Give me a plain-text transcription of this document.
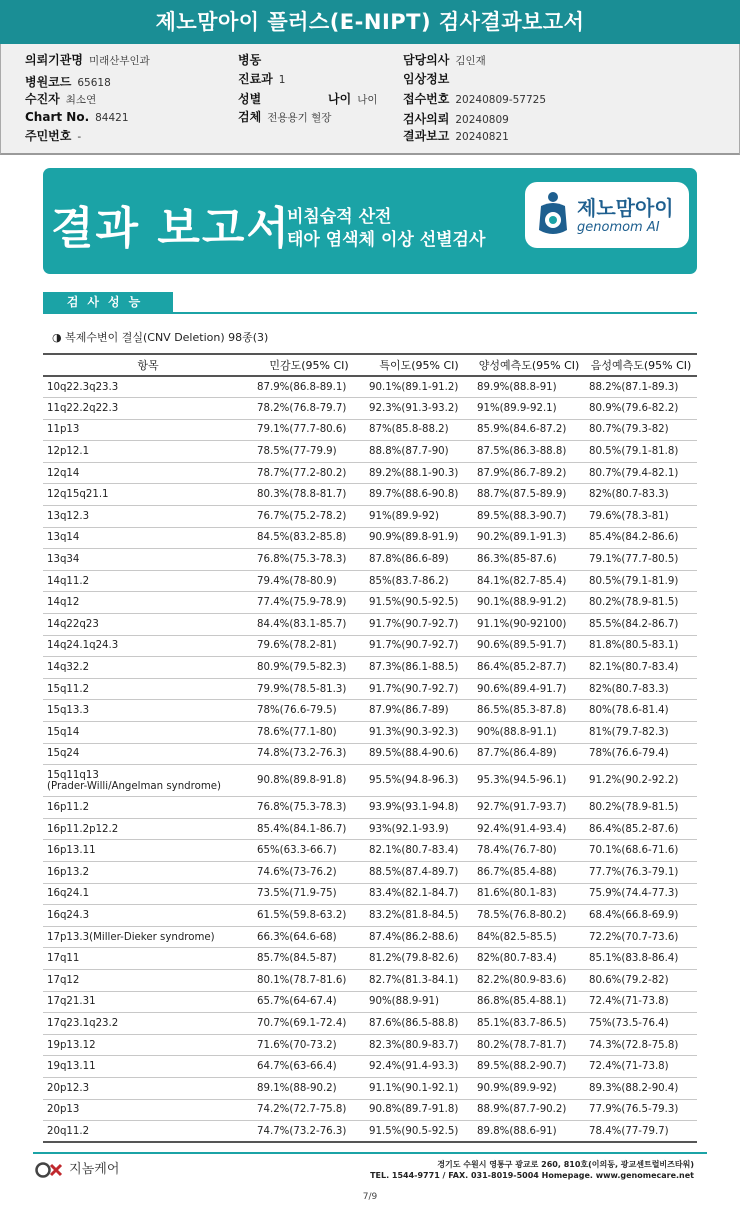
제노맘아이 플러스(E-NIPT) 검사결과보고서
의뢰기관명 미래산부인과
병원코드 65618
수진자 최소연
Chart No. 84421
주민번호 -
병동
진료과 1
성별	나이 나이
검체 전용용기 혈장
담당의사 김인재
임상정보
접수번호 20240809-57725
검사의뢰 20240809
결과보고 20240821
결과 보고서
비침습적 산전
태아 염색체 이상 선별검사
제노맘아이
genomom AI
검사성능
◑ 복제수변이 결실(CNV Deletion) 98종(3)
항목	민감도(95% CI)	특이도(95% CI)	양성예측도(95% CI)	음성예측도(95% CI)
10q22.3q23.3	87.9%(86.8-89.1)	90.1%(89.1-91.2)	89.9%(88.8-91)	88.2%(87.1-89.3)
11q22.2q22.3	78.2%(76.8-79.7)	92.3%(91.3-93.2)	91%(89.9-92.1)	80.9%(79.6-82.2)
11p13	79.1%(77.7-80.6)	87%(85.8-88.2)	85.9%(84.6-87.2)	80.7%(79.3-82)
12p12.1	78.5%(77-79.9)	88.8%(87.7-90)	87.5%(86.3-88.8)	80.5%(79.1-81.8)
12q14	78.7%(77.2-80.2)	89.2%(88.1-90.3)	87.9%(86.7-89.2)	80.7%(79.4-82.1)
12q15q21.1	80.3%(78.8-81.7)	89.7%(88.6-90.8)	88.7%(87.5-89.9)	82%(80.7-83.3)
13q12.3	76.7%(75.2-78.2)	91%(89.9-92)	89.5%(88.3-90.7)	79.6%(78.3-81)
13q14	84.5%(83.2-85.8)	90.9%(89.8-91.9)	90.2%(89.1-91.3)	85.4%(84.2-86.6)
13q34	76.8%(75.3-78.3)	87.8%(86.6-89)	86.3%(85-87.6)	79.1%(77.7-80.5)
14q11.2	79.4%(78-80.9)	85%(83.7-86.2)	84.1%(82.7-85.4)	80.5%(79.1-81.9)
14q12	77.4%(75.9-78.9)	91.5%(90.5-92.5)	90.1%(88.9-91.2)	80.2%(78.9-81.5)
14q22q23	84.4%(83.1-85.7)	91.7%(90.7-92.7)	91.1%(90-92100)	85.5%(84.2-86.7)
14q24.1q24.3	79.6%(78.2-81)	91.7%(90.7-92.7)	90.6%(89.5-91.7)	81.8%(80.5-83.1)
14q32.2	80.9%(79.5-82.3)	87.3%(86.1-88.5)	86.4%(85.2-87.7)	82.1%(80.7-83.4)
15q11.2	79.9%(78.5-81.3)	91.7%(90.7-92.7)	90.6%(89.4-91.7)	82%(80.7-83.3)
15q13.3	78%(76.6-79.5)	87.9%(86.7-89)	86.5%(85.3-87.8)	80%(78.6-81.4)
15q14	78.6%(77.1-80)	91.3%(90.3-92.3)	90%(88.8-91.1)	81%(79.7-82.3)
15q24	74.8%(73.2-76.3)	89.5%(88.4-90.6)	87.7%(86.4-89)	78%(76.6-79.4)

15q11q13
(Prader-Willi/Angelman syndrome)	90.8%(89.8-91.8)	95.5%(94.8-96.3)	95.3%(94.5-96.1)	91.2%(90.2-92.2)
16p11.2	76.8%(75.3-78.3)	93.9%(93.1-94.8)	92.7%(91.7-93.7)	80.2%(78.9-81.5)
16p11.2p12.2	85.4%(84.1-86.7)	93%(92.1-93.9)	92.4%(91.4-93.4)	86.4%(85.2-87.6)
16p13.11	65%(63.3-66.7)	82.1%(80.7-83.4)	78.4%(76.7-80)	70.1%(68.6-71.6)
16p13.2	74.6%(73-76.2)	88.5%(87.4-89.7)	86.7%(85.4-88)	77.7%(76.3-79.1)
16q24.1	73.5%(71.9-75)	83.4%(82.1-84.7)	81.6%(80.1-83)	75.9%(74.4-77.3)
16q24.3	61.5%(59.8-63.2)	83.2%(81.8-84.5)	78.5%(76.8-80.2)	68.4%(66.8-69.9)
17p13.3(Miller-Dieker syndrome)	66.3%(64.6-68)	87.4%(86.2-88.6)	84%(82.5-85.5)	72.2%(70.7-73.6)
17q11	85.7%(84.5-87)	81.2%(79.8-82.6)	82%(80.7-83.4)	85.1%(83.8-86.4)
17q12	80.1%(78.7-81.6)	82.7%(81.3-84.1)	82.2%(80.9-83.6)	80.6%(79.2-82)
17q21.31	65.7%(64-67.4)	90%(88.9-91)	86.8%(85.4-88.1)	72.4%(71-73.8)
17q23.1q23.2	70.7%(69.1-72.4)	87.6%(86.5-88.8)	85.1%(83.7-86.5)	75%(73.5-76.4)
19p13.12	71.6%(70-73.2)	82.3%(80.9-83.7)	80.2%(78.7-81.7)	74.3%(72.8-75.8)
19q13.11	64.7%(63-66.4)	92.4%(91.4-93.3)	89.5%(88.2-90.7)	72.4%(71-73.8)
20p12.3	89.1%(88-90.2)	91.1%(90.1-92.1)	90.9%(89.9-92)	89.3%(88.2-90.4)
20p13	74.2%(72.7-75.8)	90.8%(89.7-91.8)	88.9%(87.7-90.2)	77.9%(76.5-79.3)
20q11.2	74.7%(73.2-76.3)	91.5%(90.5-92.5)	89.8%(88.6-91)	78.4%(77-79.7)
지놈케어	경기도 수원시 영통구 광교로 260, 810호(이의동, 광교센트럴비즈타워)
TEL. 1544-9771 / FAX. 031-8019-5004 Homepage. www.genomecare.net
7/9
